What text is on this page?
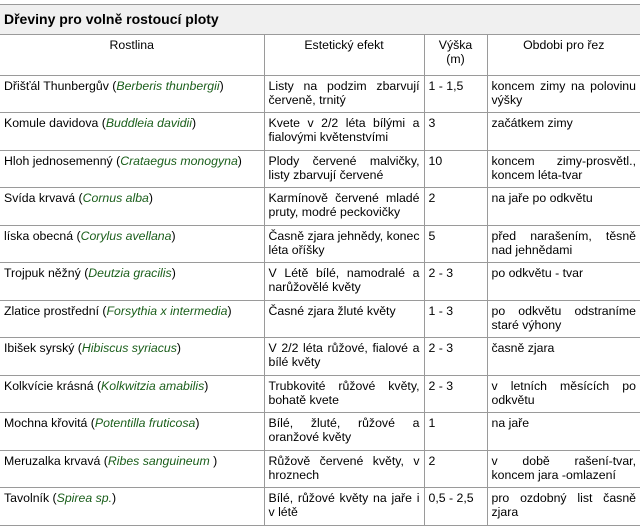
Dřeviny pro volně rostoucí ploty
Rostlina	Estetický efekt	Výška (m)	Obdobi pro řez
Dřišťál Thunbergův (Berberis thunbergii)	Listy na podzim zbarvují červeně, trnitý	1 - 1,5	koncem zimy na polovinu výšky
Komule davidova (Buddleia davidii)	Kvete v 2/2 léta bílými a fialovými květenstvími	3	začátkem zimy
Hloh jednosemenný (Crataegus monogyna)	Plody červené malvičky, listy zbarvují červené	10	koncem zimy-prosvětl., koncem léta-tvar
Svída krvavá (Cornus alba)	Karmínově červené mladé pruty, modré peckovičky	2	na jaře po odkvětu
líska obecná (Corylus avellana)	Časně zjara jehnědy, konec léta oříšky	5	před narašením, těsně nad jehnědami
Trojpuk něžný (Deutzia gracilis)	V Létě bílé, namodralé a narůžovělé květy	2 - 3	po odkvětu - tvar
Zlatice prostřední (Forsythia x intermedia)	Časné zjara žluté květy	1 - 3	po odkvětu odstraníme staré výhony
Ibišek syrský (Hibiscus syriacus)	V 2/2 léta růžové, fialové a bílé květy	2 - 3	časně zjara
Kolkvície krásná (Kolkwitzia amabilis)	Trubkovité růžové květy, bohatě kvete	2 - 3	v letních měsících po odkvětu
Mochna křovitá (Potentilla fruticosa)	Bílé, žluté, růžové a oranžové květy	1	na jaře
Meruzalka krvavá (Ribes sanguineum )	Růžově červené květy, v hroznech	2	v době rašení-tvar, koncem jara -omlazení
Tavolník (Spirea sp.)	Bílé, růžové květy na jaře i v létě	0,5 - 2,5	pro ozdobný list časně zjara
